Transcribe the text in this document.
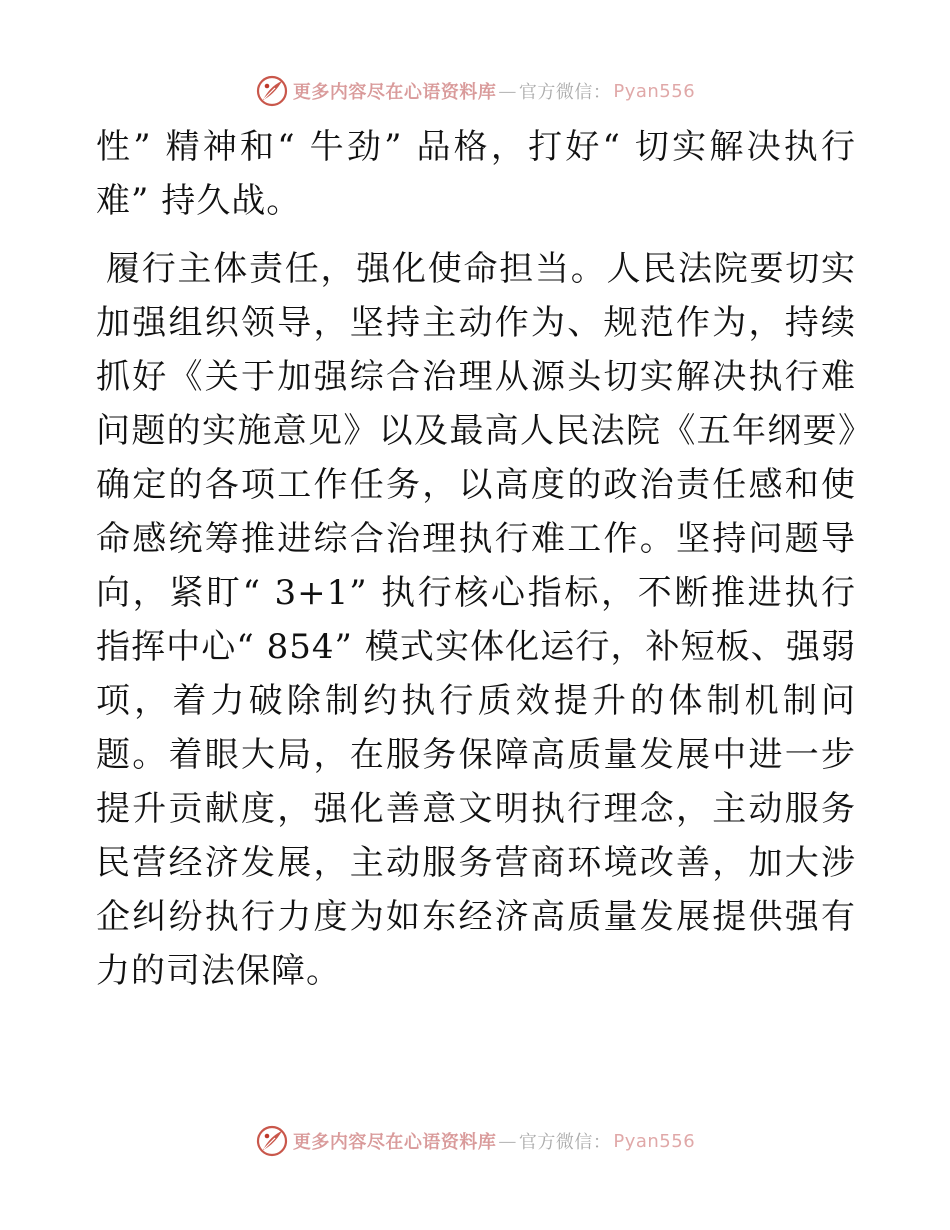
更多内容尽在心语资料库 — 官方微信： Pyan556

性” 精神和“ 牛劲” 品格，打好“ 切实解决执行难” 持久战。

履行主体责任，强化使命担当。人民法院要切实加强组织领导，坚持主动作为、规范作为，持续抓好《关于加强综合治理从源头切实解决执行难问题的实施意见》以及最高人民法院《五年纲要》确定的各项工作任务，以高度的政治责任感和使命感统筹推进综合治理执行难工作。坚持问题导向，紧盯“ 3+1” 执行核心指标，不断推进执行指挥中心“ 854” 模式实体化运行，补短板、强弱项，着力破除制约执行质效提升的体制机制问题。着眼大局，在服务保障高质量发展中进一步提升贡献度，强化善意文明执行理念，主动服务民营经济发展，主动服务营商环境改善，加大涉企纠纷执行力度为如东经济高质量发展提供强有力的司法保障。

更多内容尽在心语资料库 — 官方微信： Pyan556
